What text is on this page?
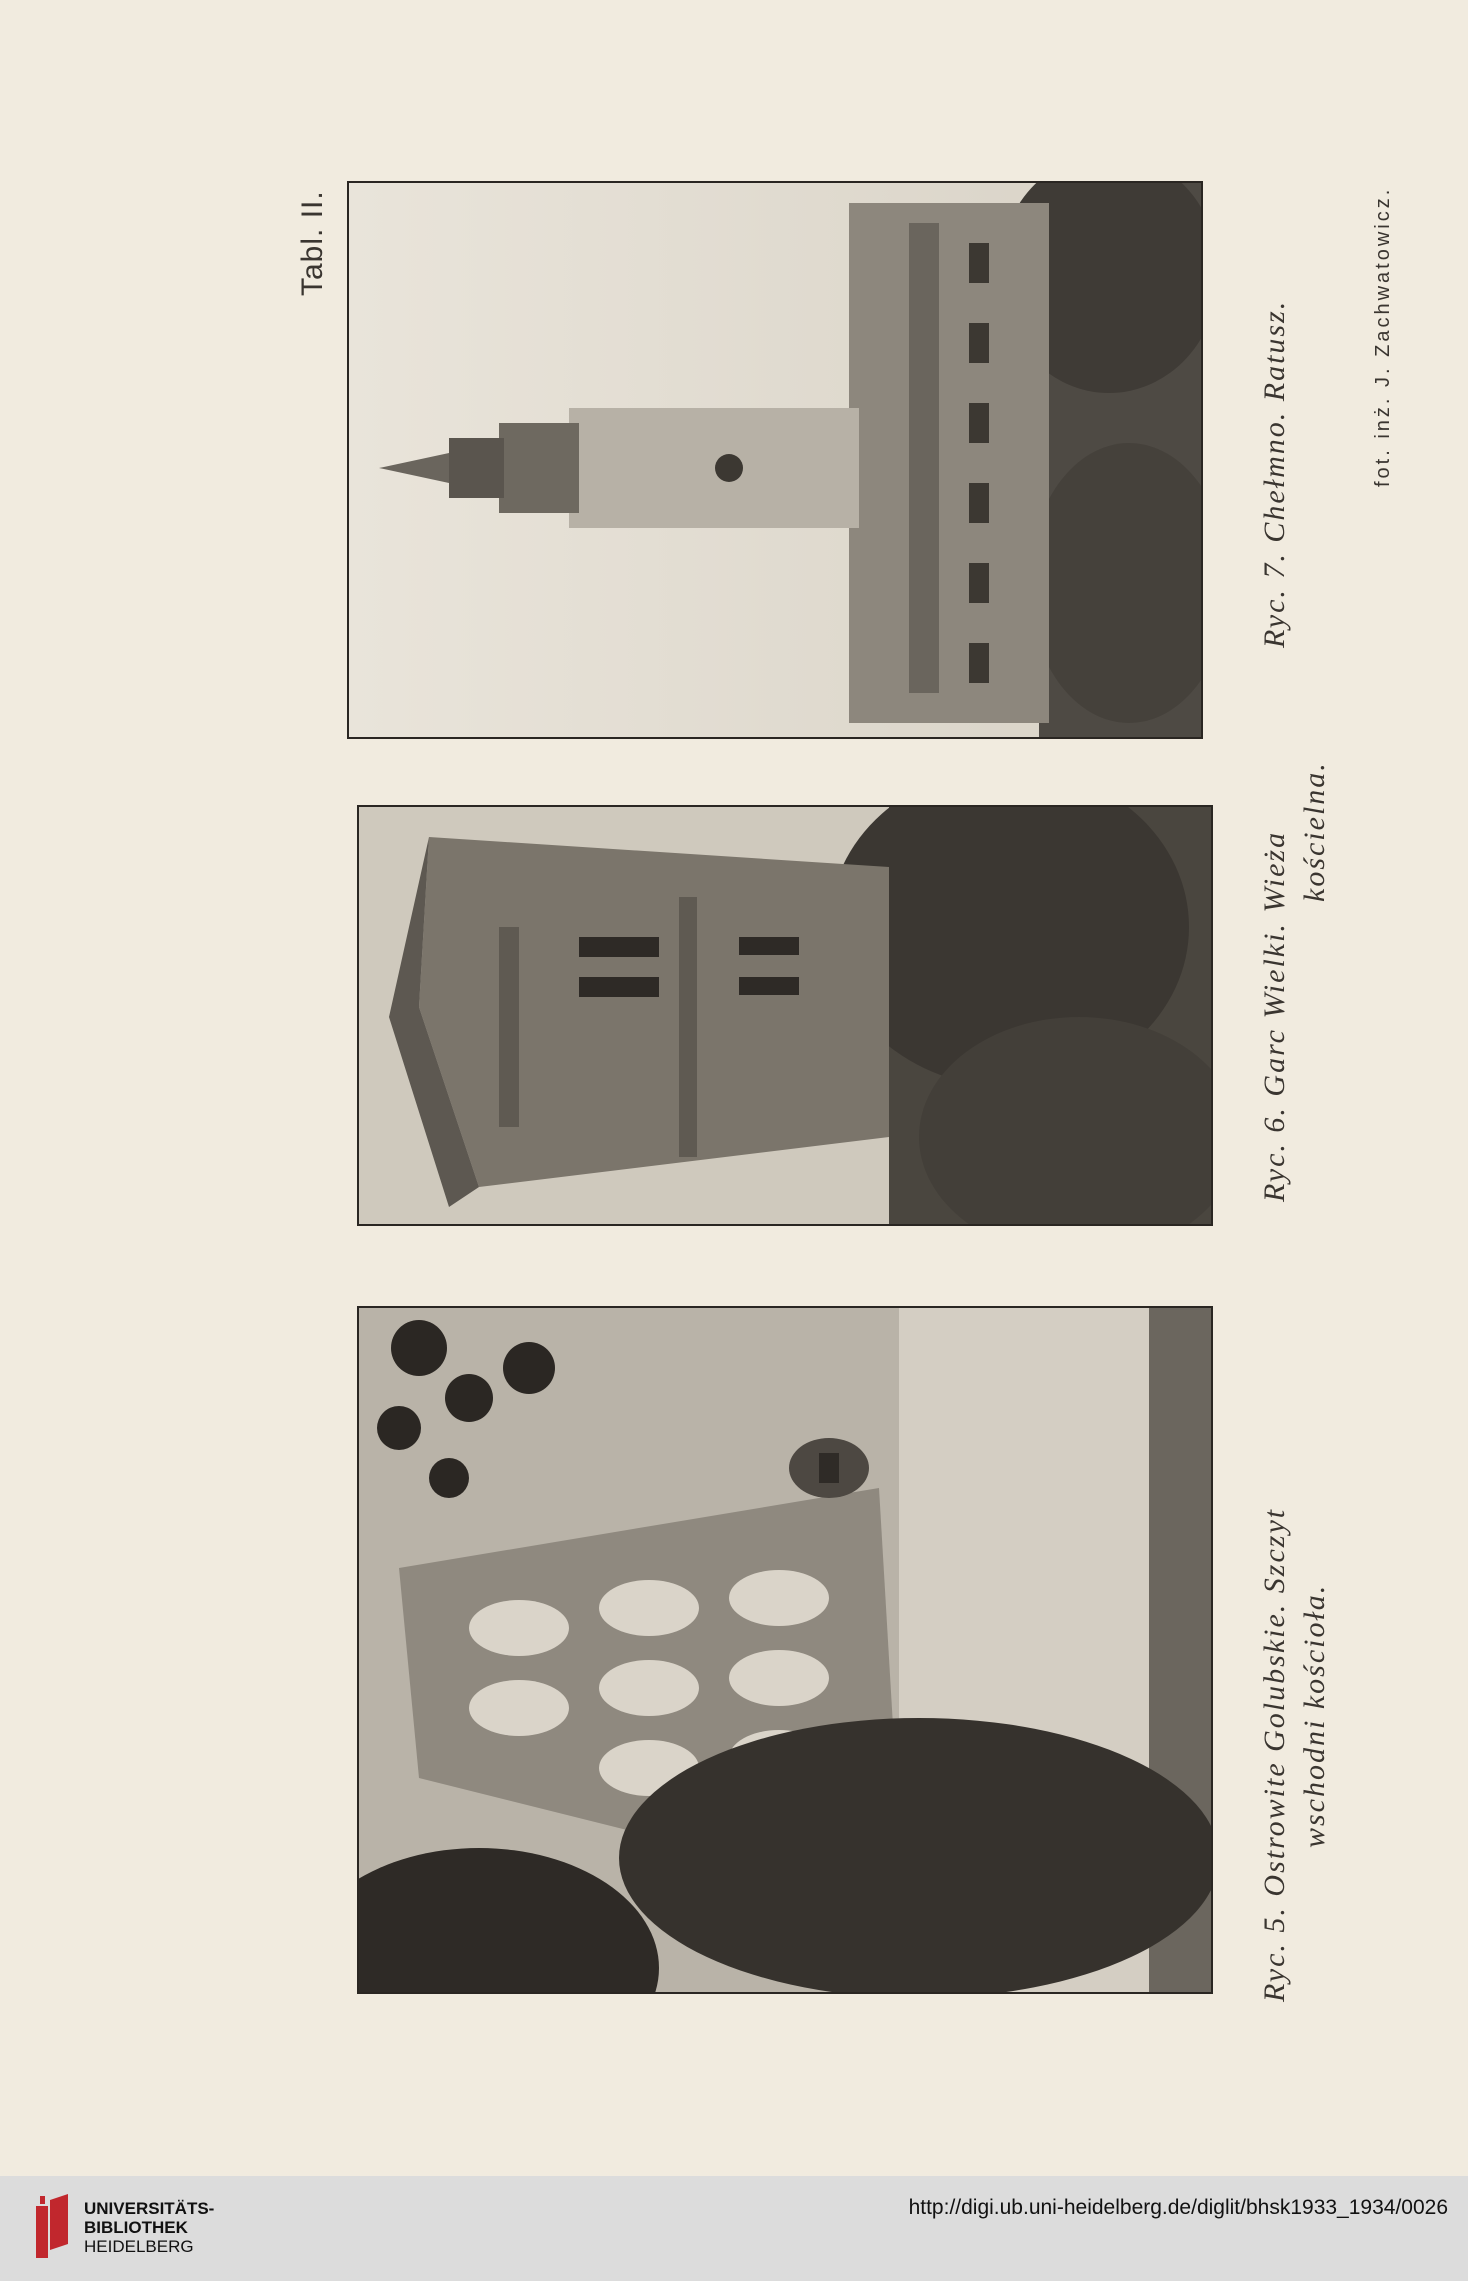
Tabl. II.
Ryc. 7. Chełmno. Ratusz.
Ryc. 6. Garc Wielki. Wieża kościelna.
Ryc. 5. Ostrowite Golubskie. Szczyt wschodni kościoła.
fot. inż. J. Zachwatowicz.
UNIVERSITÄTS-
BIBLIOTHEK
HEIDELBERG
http://digi.ub.uni-heidelberg.de/diglit/bhsk1933_1934/0026
